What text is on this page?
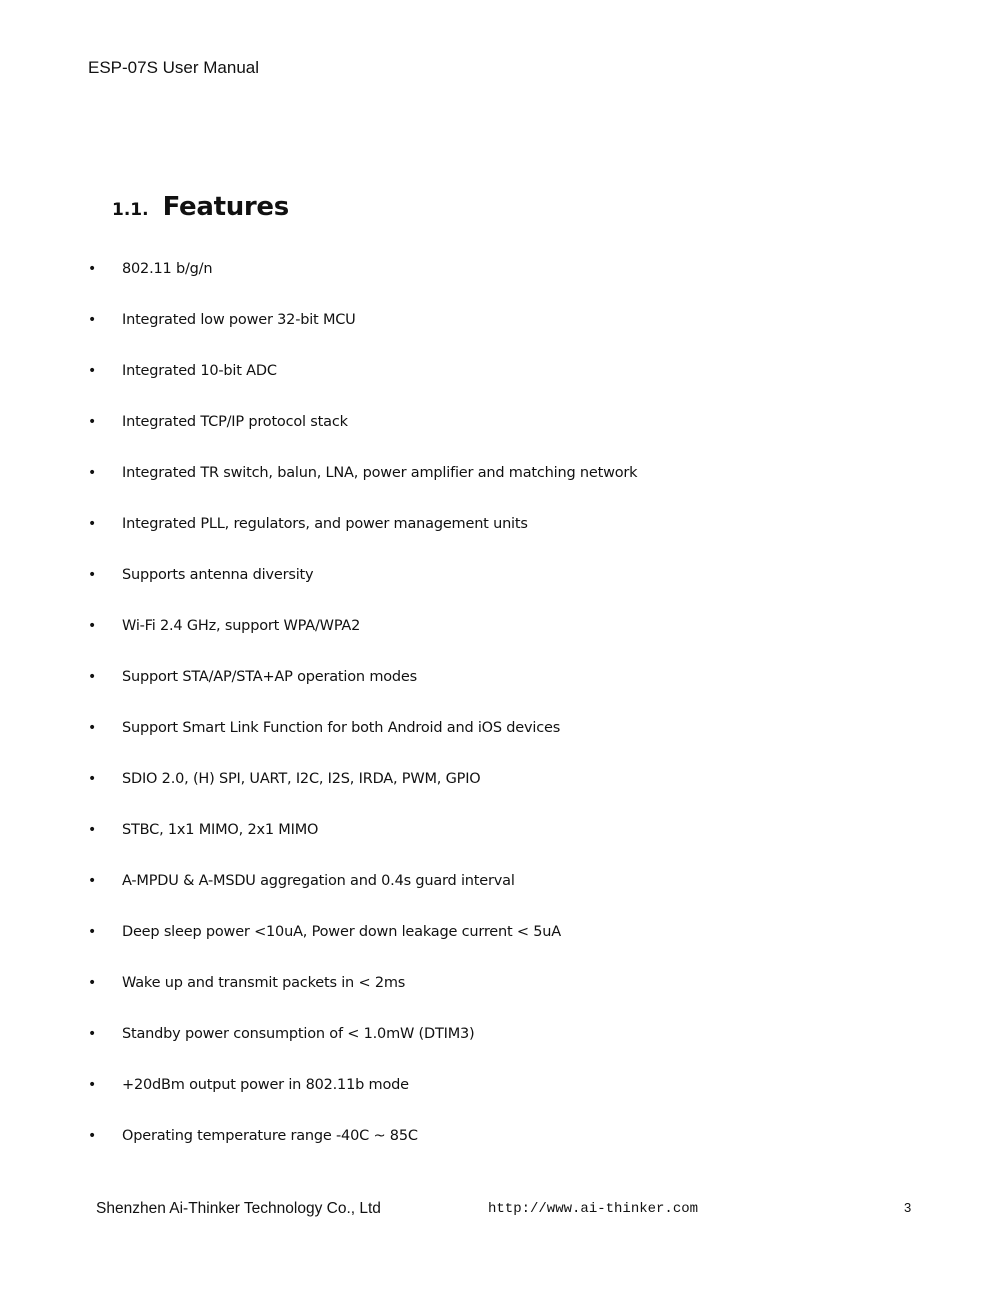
ESP-07S User Manual
1.1. Features
• 802.11 b/g/n
• Integrated low power 32-bit MCU
• Integrated 10-bit ADC
• Integrated TCP/IP protocol stack
• Integrated TR switch, balun, LNA, power amplifier and matching network
• Integrated PLL, regulators, and power management units
• Supports antenna diversity
• Wi-Fi 2.4 GHz, support WPA/WPA2
• Support STA/AP/STA+AP operation modes
• Support Smart Link Function for both Android and iOS devices
• SDIO 2.0, (H) SPI, UART, I2C, I2S, IRDA, PWM, GPIO
• STBC, 1x1 MIMO, 2x1 MIMO
• A-MPDU & A-MSDU aggregation and 0.4s guard interval
• Deep sleep power <10uA, Power down leakage current < 5uA
• Wake up and transmit packets in < 2ms
• Standby power consumption of < 1.0mW (DTIM3)
• +20dBm output power in 802.11b mode
• Operating temperature range -40C ~ 85C
Shenzhen Ai-Thinker Technology Co., Ltd	http://www.ai-thinker.com	3
